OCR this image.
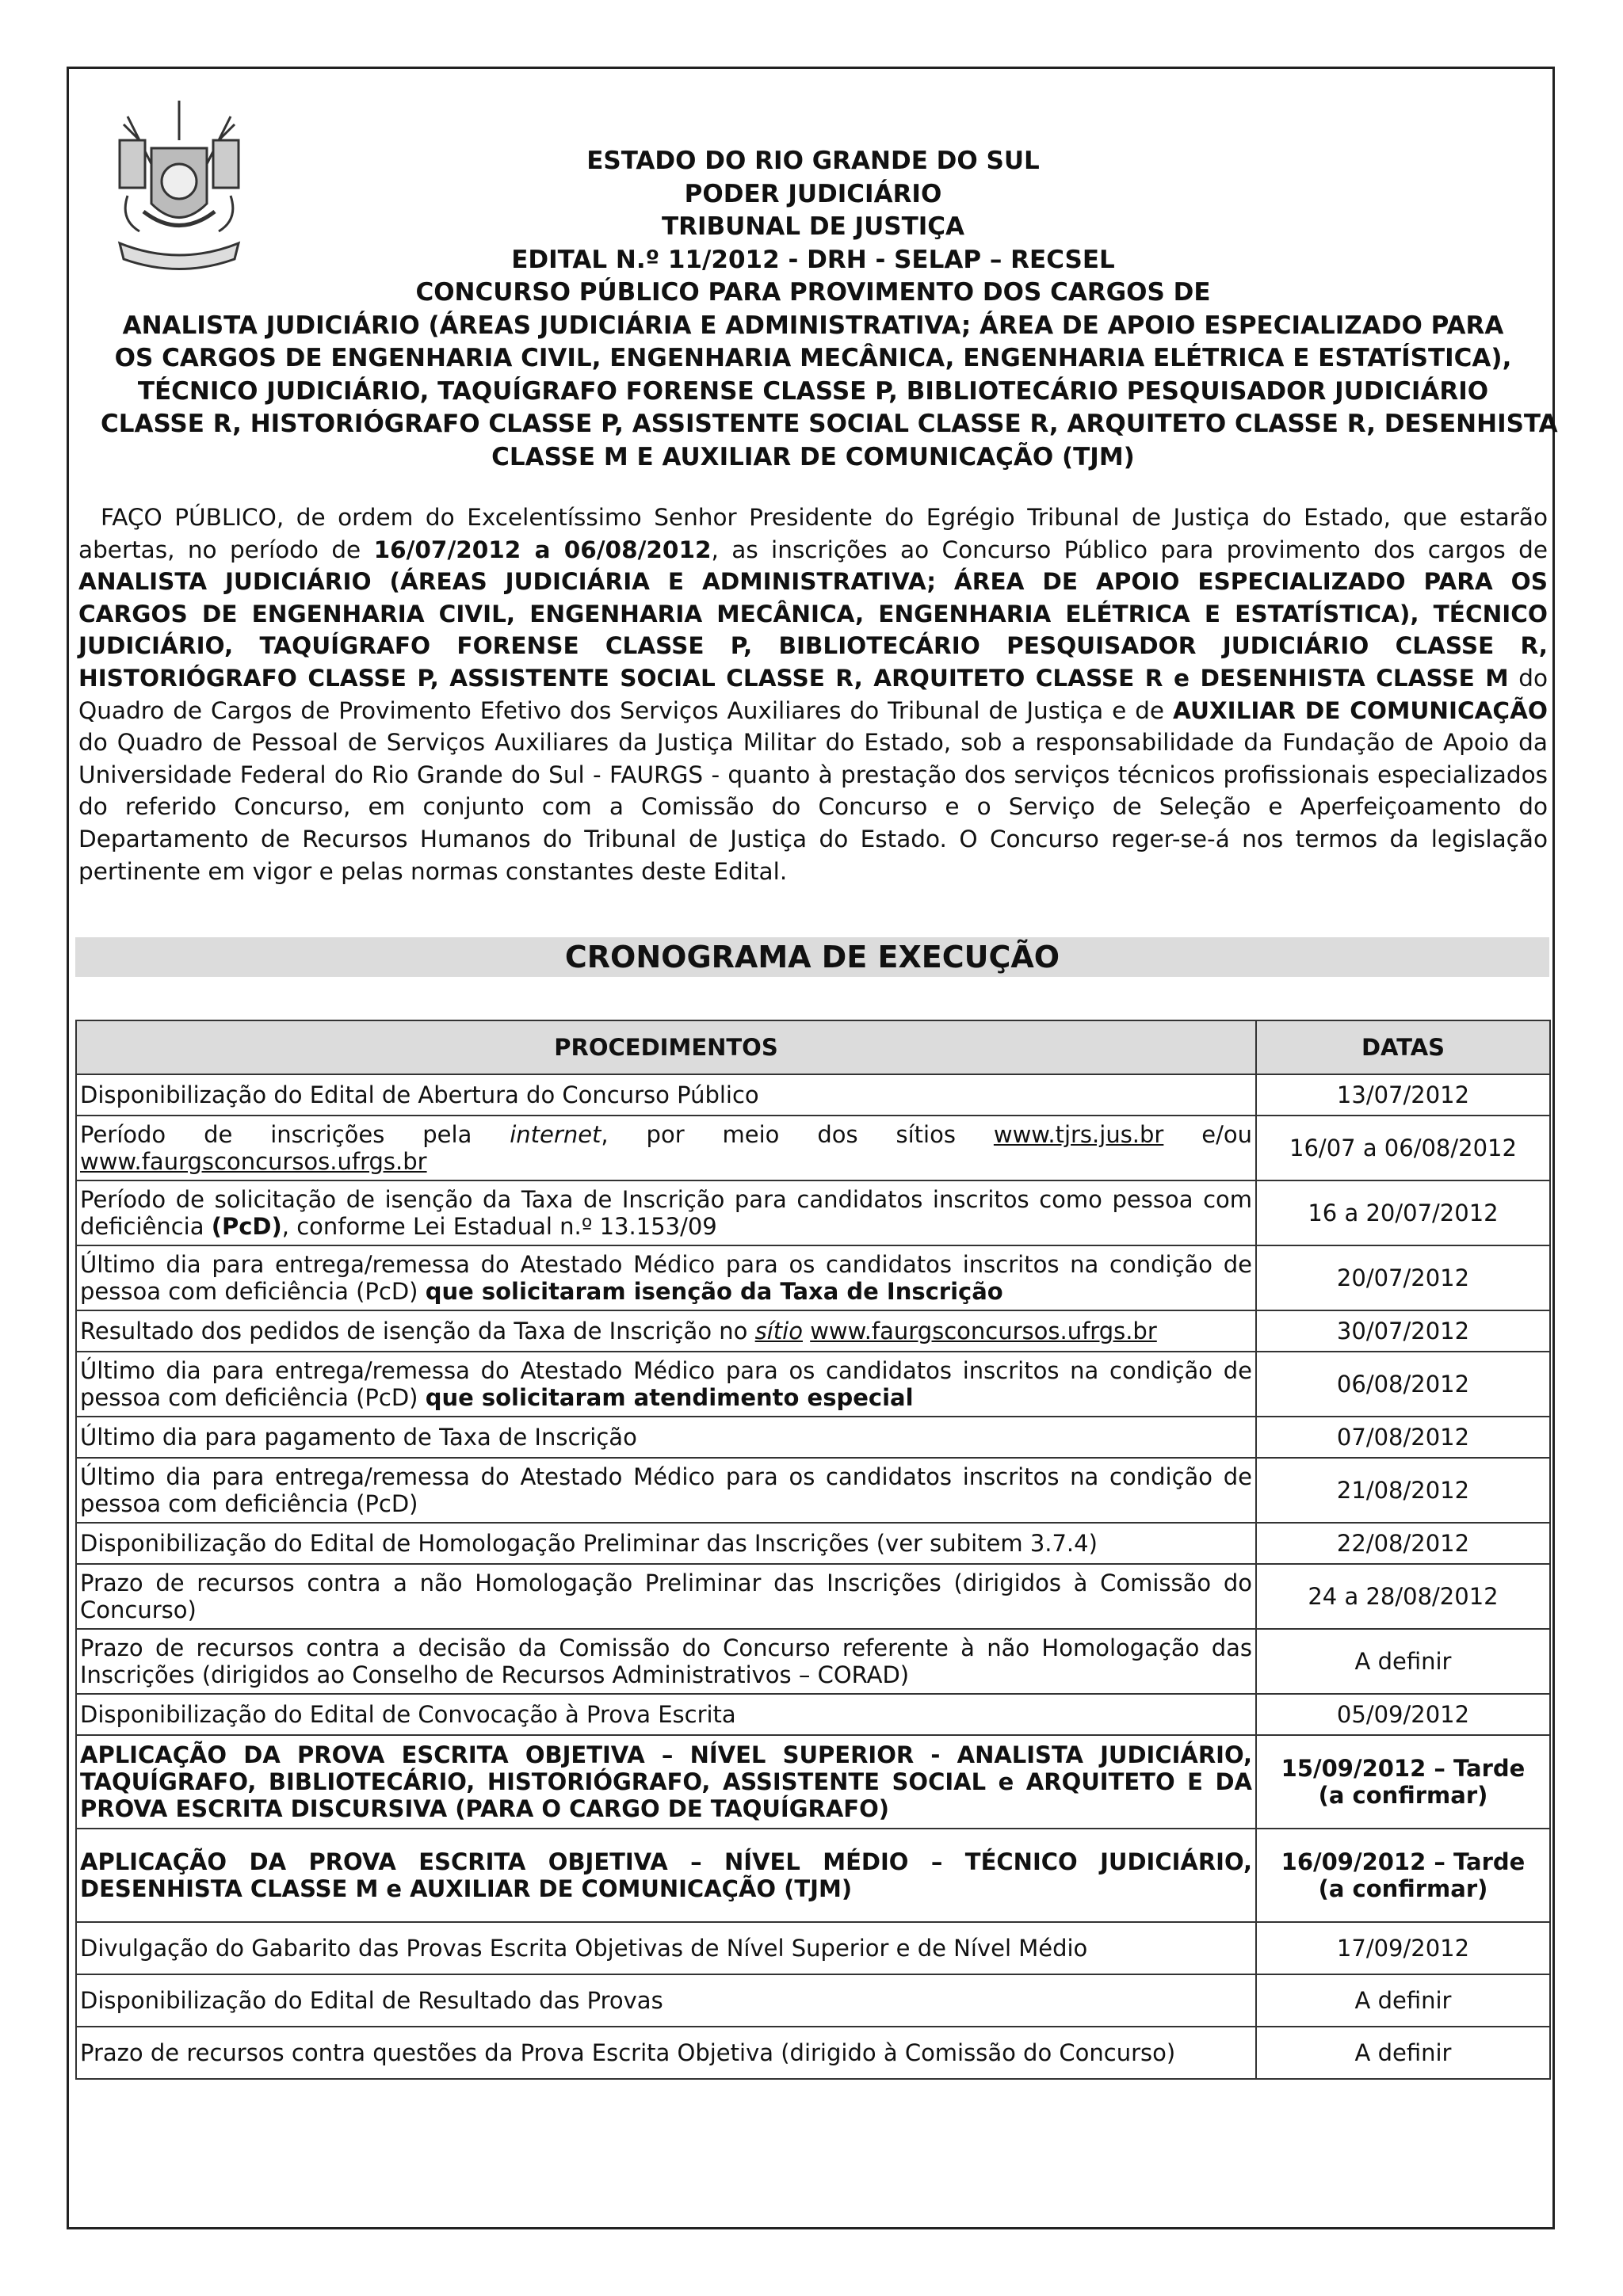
ESTADO DO RIO GRANDE DO SUL
PODER JUDICIÁRIO
TRIBUNAL DE JUSTIÇA
EDITAL N.º 11/2012 - DRH - SELAP – RECSEL
CONCURSO PÚBLICO PARA PROVIMENTO DOS CARGOS DE
ANALISTA JUDICIÁRIO (ÁREAS JUDICIÁRIA E ADMINISTRATIVA; ÁREA DE APOIO ESPECIALIZADO PARA
OS CARGOS DE ENGENHARIA CIVIL, ENGENHARIA MECÂNICA, ENGENHARIA ELÉTRICA E ESTATÍSTICA),
TÉCNICO JUDICIÁRIO, TAQUÍGRAFO FORENSE CLASSE P, BIBLIOTECÁRIO PESQUISADOR JUDICIÁRIO
CLASSE R, HISTORIÓGRAFO CLASSE P, ASSISTENTE SOCIAL CLASSE R, ARQUITETO CLASSE R, DESENHISTA
CLASSE M E AUXILIAR DE COMUNICAÇÃO (TJM)

FAÇO PÚBLICO, de ordem do Excelentíssimo Senhor Presidente do Egrégio Tribunal de Justiça do Estado, que estarão abertas, no período de 16/07/2012 a 06/08/2012, as inscrições ao Concurso Público para provimento dos cargos de ANALISTA JUDICIÁRIO (ÁREAS JUDICIÁRIA E ADMINISTRATIVA; ÁREA DE APOIO ESPECIALIZADO PARA OS CARGOS DE ENGENHARIA CIVIL, ENGENHARIA MECÂNICA, ENGENHARIA ELÉTRICA E ESTATÍSTICA), TÉCNICO JUDICIÁRIO, TAQUÍGRAFO FORENSE CLASSE P, BIBLIOTECÁRIO PESQUISADOR JUDICIÁRIO CLASSE R, HISTORIÓGRAFO CLASSE P, ASSISTENTE SOCIAL CLASSE R, ARQUITETO CLASSE R e DESENHISTA CLASSE M do Quadro de Cargos de Provimento Efetivo dos Serviços Auxiliares do Tribunal de Justiça e de AUXILIAR DE COMUNICAÇÃO do Quadro de Pessoal de Serviços Auxiliares da Justiça Militar do Estado, sob a responsabilidade da Fundação de Apoio da Universidade Federal do Rio Grande do Sul - FAURGS - quanto à prestação dos serviços técnicos profissionais especializados do referido Concurso, em conjunto com a Comissão do Concurso e o Serviço de Seleção e Aperfeiçoamento do Departamento de Recursos Humanos do Tribunal de Justiça do Estado. O Concurso reger-se-á nos termos da legislação pertinente em vigor e pelas normas constantes deste Edital.

CRONOGRAMA DE EXECUÇÃO
PROCEDIMENTOS	DATAS
Disponibilização do Edital de Abertura do Concurso Público	13/07/2012
Período de inscrições pela internet, por meio dos sítios www.tjrs.jus.br e/ou www.faurgsconcursos.ufrgs.br	16/07 a 06/08/2012
Período de solicitação de isenção da Taxa de Inscrição para candidatos inscritos como pessoa com deficiência (PcD), conforme Lei Estadual n.º 13.153/09	16 a 20/07/2012
Último dia para entrega/remessa do Atestado Médico para os candidatos inscritos na condição de pessoa com deficiência (PcD) que solicitaram isenção da Taxa de Inscrição	20/07/2012
Resultado dos pedidos de isenção da Taxa de Inscrição no sítio www.faurgsconcursos.ufrgs.br	30/07/2012
Último dia para entrega/remessa do Atestado Médico para os candidatos inscritos na condição de pessoa com deficiência (PcD) que solicitaram atendimento especial	06/08/2012
Último dia para pagamento de Taxa de Inscrição	07/08/2012
Último dia para entrega/remessa do Atestado Médico para os candidatos inscritos na condição de pessoa com deficiência (PcD)	21/08/2012
Disponibilização do Edital de Homologação Preliminar das Inscrições (ver subitem 3.7.4)	22/08/2012
Prazo de recursos contra a não Homologação Preliminar das Inscrições (dirigidos à Comissão do Concurso)	24 a 28/08/2012
Prazo de recursos contra a decisão da Comissão do Concurso referente à não Homologação das Inscrições (dirigidos ao Conselho de Recursos Administrativos – CORAD)	A definir
Disponibilização do Edital de Convocação à Prova Escrita	05/09/2012
APLICAÇÃO DA PROVA ESCRITA OBJETIVA – NÍVEL SUPERIOR - ANALISTA JUDICIÁRIO, TAQUÍGRAFO, BIBLIOTECÁRIO, HISTORIÓGRAFO, ASSISTENTE SOCIAL e ARQUITETO E DA PROVA ESCRITA DISCURSIVA (PARA O CARGO DE TAQUÍGRAFO)	15/09/2012 – Tarde
(a confirmar)

APLICAÇÃO DA PROVA ESCRITA OBJETIVA – NÍVEL MÉDIO – TÉCNICO JUDICIÁRIO, DESENHISTA CLASSE M e AUXILIAR DE COMUNICAÇÃO (TJM)	16/09/2012 – Tarde
(a confirmar)

Divulgação do Gabarito das Provas Escrita Objetivas de Nível Superior e de Nível Médio	17/09/2012
Disponibilização do Edital de Resultado das Provas	A definir
Prazo de recursos contra questões da Prova Escrita Objetiva (dirigido à Comissão do Concurso)	A definir
